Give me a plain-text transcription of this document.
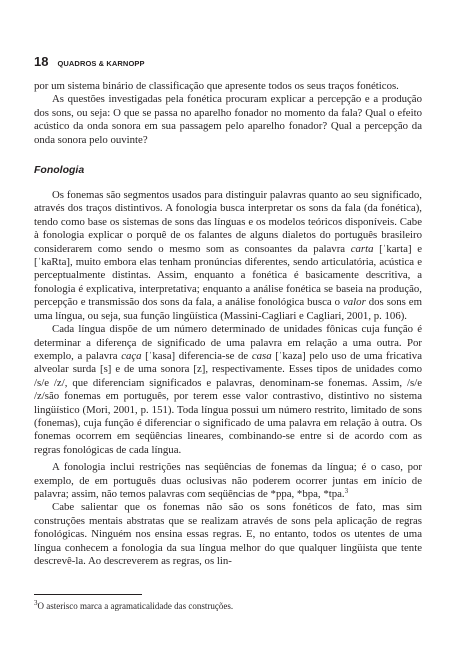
18 QUADROS & KARNOPP

por um sistema binário de classificação que apresente todos os seus traços fonéticos.

As questões investigadas pela fonética procuram explicar a percepção e a produção dos sons, ou seja: O que se passa no aparelho fonador no momento da fala? Qual o efeito acústico da onda sonora em sua passagem pelo aparelho fonador? Qual a percepção da onda sonora pelo ouvinte?

Fonologia

Os fonemas são segmentos usados para distinguir palavras quanto ao seu significado, através dos traços distintivos. A fonologia busca interpretar os sons da fala (da fonética), tendo como base os sistemas de sons das línguas e os modelos teóricos disponíveis. Cabe à fonologia explicar o porquê de os falantes de alguns dialetos do português brasileiro considerarem como sendo o mesmo som as consoantes da palavra carta [ˈkarta] e [ˈkaRta], muito embora elas tenham pronúncias diferentes, sendo articulatória, acústica e perceptualmente distintas. Assim, enquanto a fonética é basicamente descritiva, a fonologia é explicativa, interpretativa; enquanto a análise fonética se baseia na produção, percepção e transmissão dos sons da fala, a análise fonológica busca o valor dos sons em uma língua, ou seja, sua função lingüística (Massini-Cagliari e Cagliari, 2001, p. 106).

Cada língua dispõe de um número determinado de unidades fônicas cuja função é determinar a diferença de significado de uma palavra em relação a uma outra. Por exemplo, a palavra caça [ˈkasa] diferencia-se de casa [ˈkaza] pelo uso de uma fricativa alveolar surda [s] e de uma sonora [z], respectivamente. Esses tipos de unidades como /s/e /z/, que diferenciam significados e palavras, denominam-se fonemas. Assim, /s/e /z/são fonemas em português, por terem esse valor contrastivo, distintivo no sistema lingüístico (Mori, 2001, p. 151). Toda língua possui um número restrito, limitado de sons (fonemas), cuja função é diferenciar o significado de uma palavra em relação à outra. Os fonemas ocorrem em seqüências lineares, combinando-se entre si de acordo com as regras fonológicas de cada língua.

A fonologia inclui restrições nas seqüências de fonemas da língua; é o caso, por exemplo, de em português duas oclusivas não poderem ocorrer juntas em início de palavra; assim, não temos palavras com seqüências de *ppa, *bpa, *tpa.$^3$

Cabe salientar que os fonemas não são os sons fonéticos de fato, mas sim construções mentais abstratas que se realizam através de sons pela aplicação de regras fonológicas. Ninguém nos ensina essas regras. E, no entanto, todos os utentes de uma língua conhecem a fonologia da sua língua melhor do que qualquer lingüista que tente descrevê-la. Ao descreverem as regras, os lin-

$^3$O asterisco marca a agramaticalidade das construções.
